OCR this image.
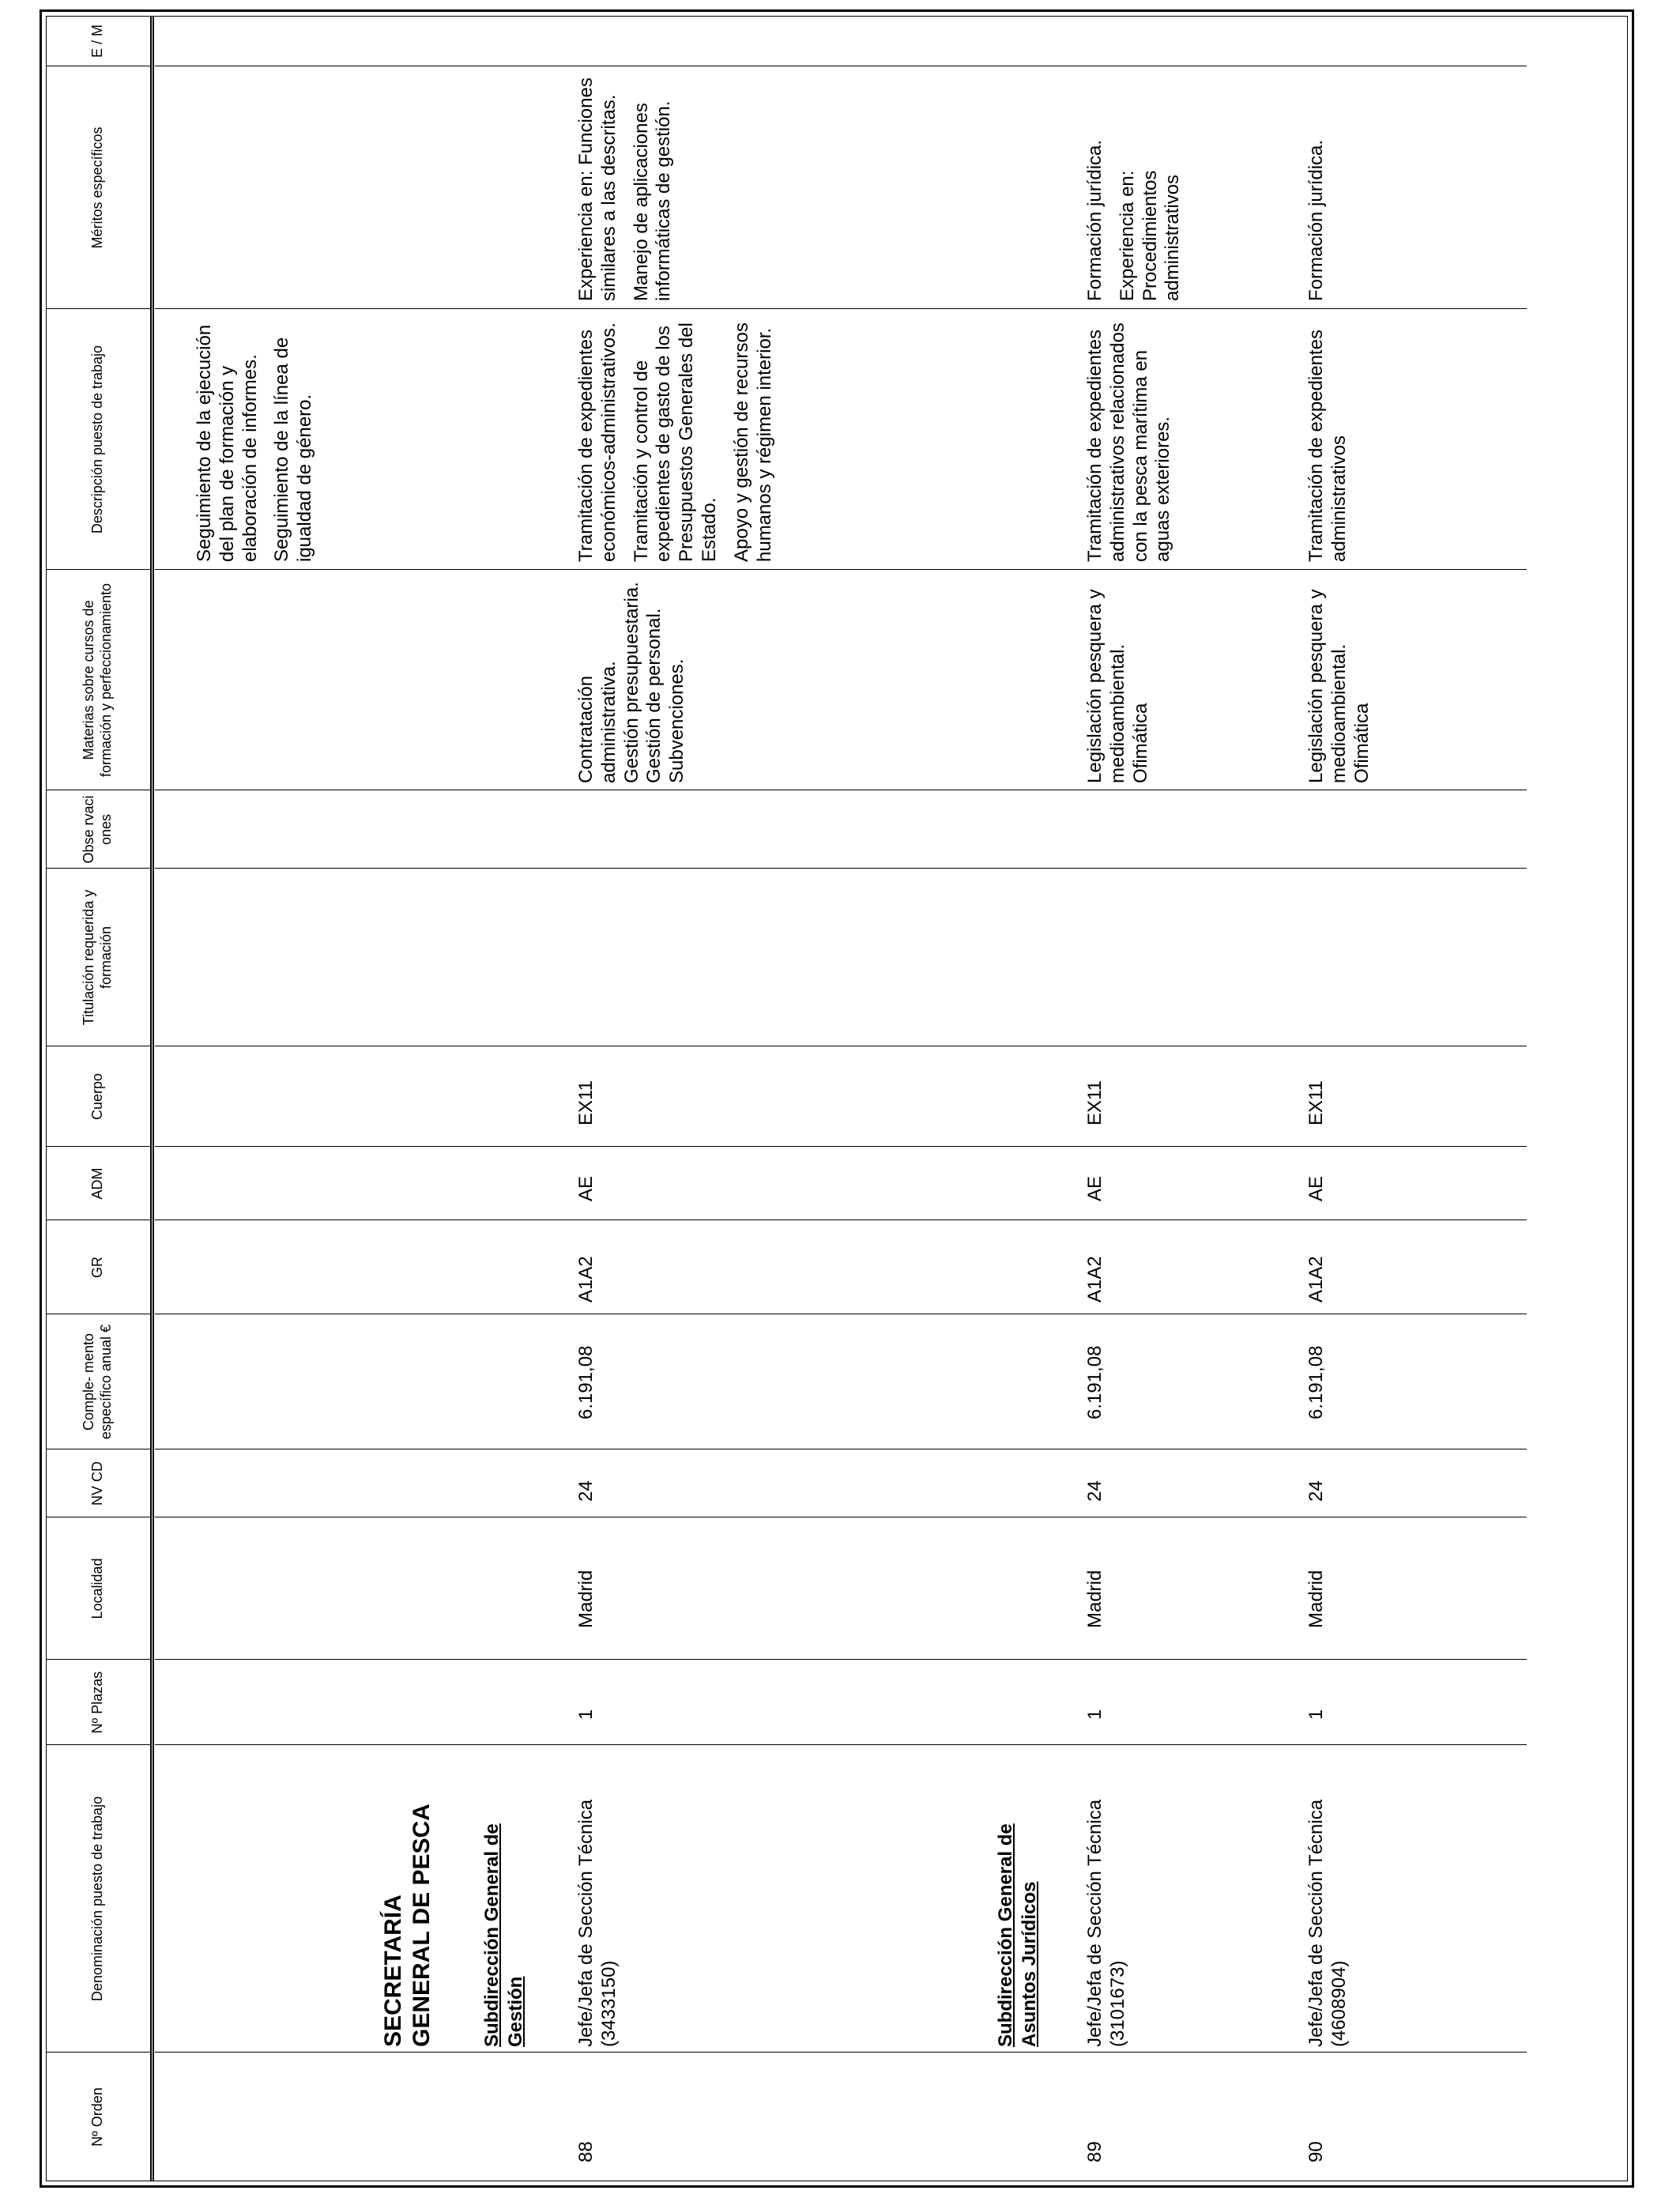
Nº Orden
Denominación puesto de trabajo
Nº Plazas
Localidad
NV CD
Comple- mento específico anual €
GR
ADM
Cuerpo
Titulación requerida y formación
Obse rvaci ones
Materias sobre cursos de formación y perfeccionamiento
Descripción puesto de trabajo
Méritos específicos
E / M

Seguimiento de la ejecución del plan de formación y elaboración de informes. Seguimiento de la línea de igualdad de género.

SECRETARÍA GENERAL DE PESCA Subdirección General de Gestión
88
Jefe/Jefa de Sección Técnica (3433150)
1
Madrid
24
6.191,08
A1A2
AE
EX11
Contratación administrativa. Gestión presupuestaria. Gestión de personal. Subvenciones.

Tramitación de expedientes económicos-administrativos. Tramitación y control de expedientes de gasto de los Presupuestos Generales del Estado. Apoyo y gestión de recursos humanos y régimen interior.

Experiencia en: Funciones similares a las descritas. Manejo de aplicaciones informáticas de gestión.

Subdirección General de Asuntos Jurídicos
89
Jefe/Jefa de Sección Técnica (3101673)
1
Madrid
24
6.191,08
A1A2
AE
EX11
Legislación pesquera y medioambiental. Ofimática

Tramitación de expedientes administrativos relacionados con la pesca marítima en aguas exteriores.

Formación jurídica. Experiencia en: Procedimientos administrativos

90
Jefe/Jefa de Sección Técnica (4608904)
1
Madrid
24
6.191,08
A1A2
AE
EX11
Legislación pesquera y medioambiental. Ofimática

Tramitación de expedientes administrativos

Formación jurídica.
